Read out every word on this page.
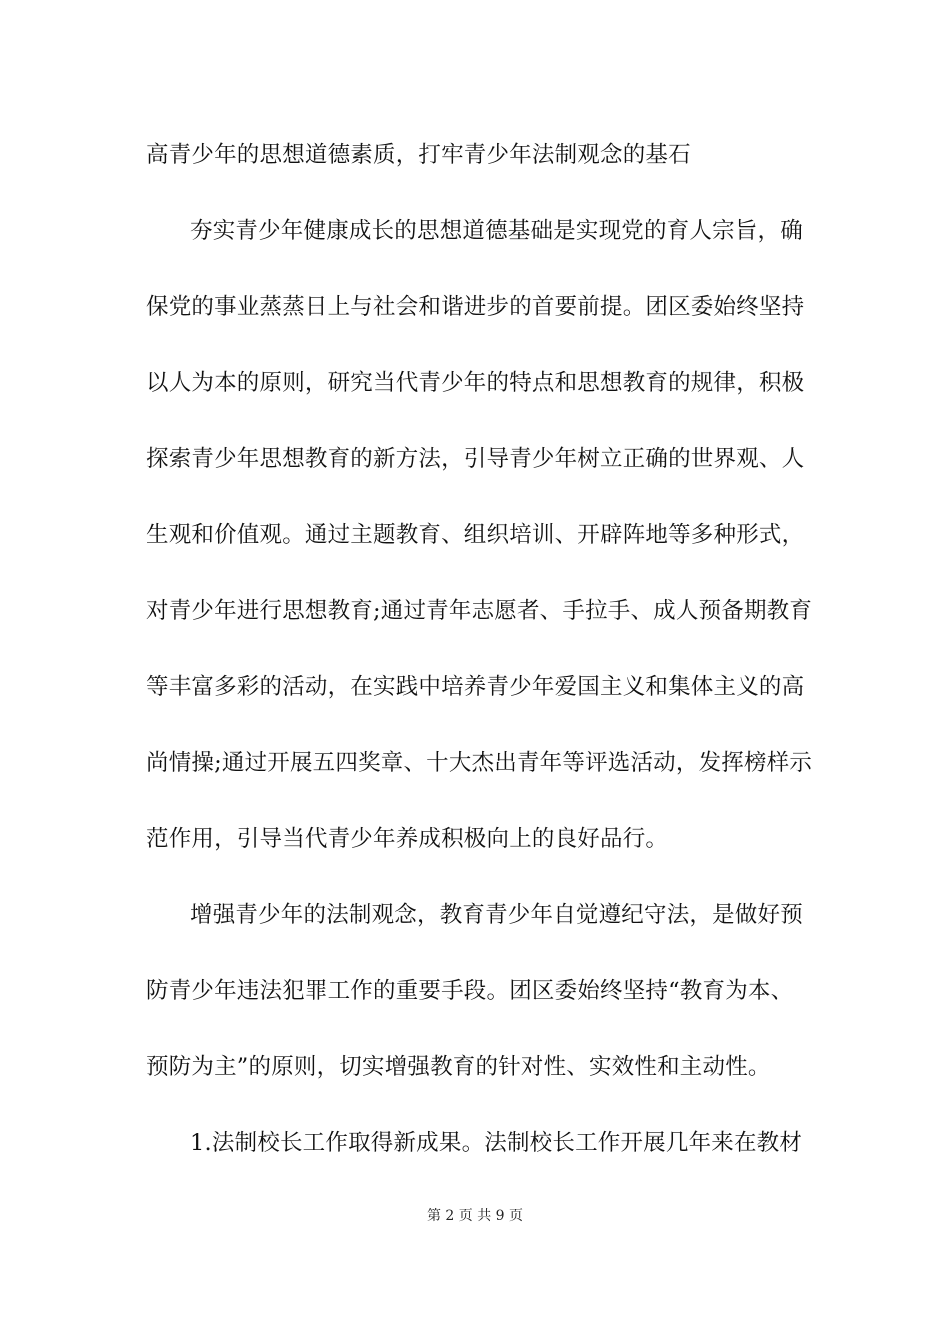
高青少年的思想道德素质，打牢青少年法制观念的基石
夯实青少年健康成长的思想道德基础是实现党的育人宗旨，确
保党的事业蒸蒸日上与社会和谐进步的首要前提。团区委始终坚持
以人为本的原则，研究当代青少年的特点和思想教育的规律，积极
探索青少年思想教育的新方法，引导青少年树立正确的世界观、人
生观和价值观。通过主题教育、组织培训、开辟阵地等多种形式，
对青少年进行思想教育;通过青年志愿者、手拉手、成人预备期教育
等丰富多彩的活动，在实践中培养青少年爱国主义和集体主义的高
尚情操;通过开展五四奖章、十大杰出青年等评选活动，发挥榜样示
范作用，引导当代青少年养成积极向上的良好品行。
增强青少年的法制观念，教育青少年自觉遵纪守法，是做好预
防青少年违法犯罪工作的重要手段。团区委始终坚持“教育为本、
预防为主”的原则，切实增强教育的针对性、实效性和主动性。
1.法制校长工作取得新成果。法制校长工作开展几年来在教材
第 2 页 共 9 页
